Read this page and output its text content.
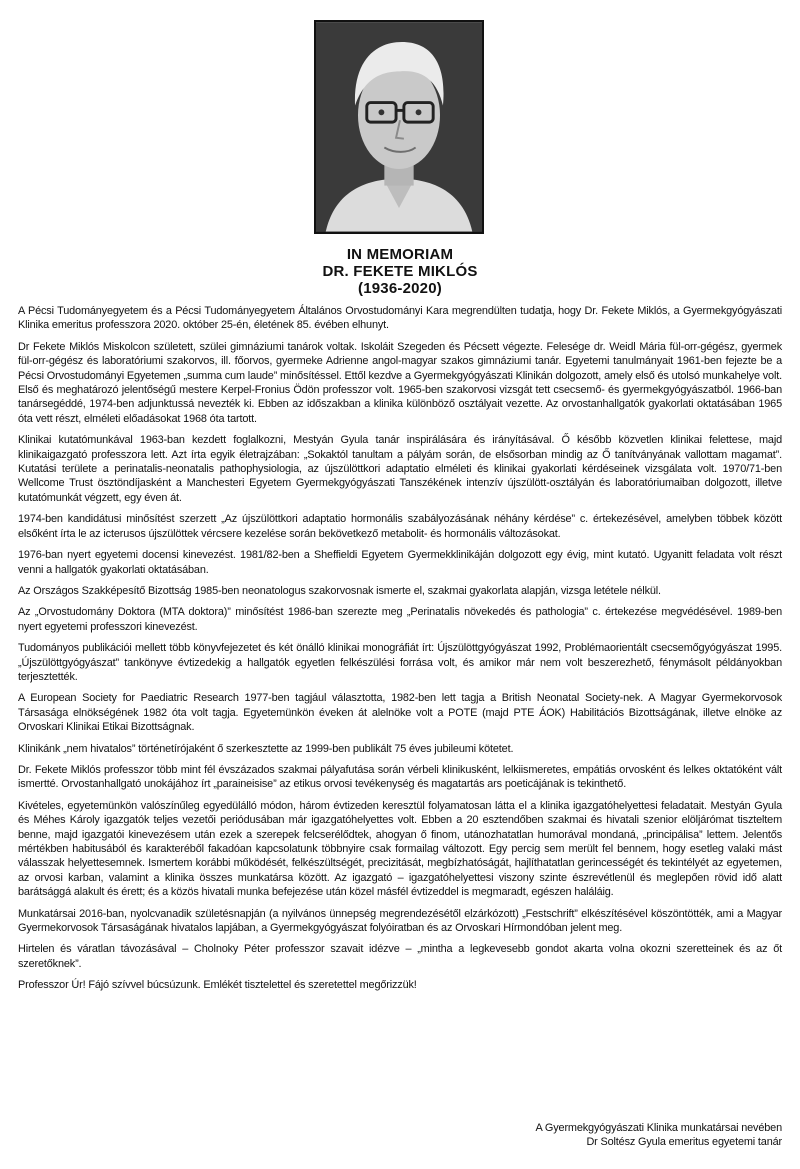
IN MEMORIAM
DR. FEKETE MIKLÓS
(1936-2020)

A Pécsi Tudományegyetem és a Pécsi Tudományegyetem Általános Orvostudományi Kara megrendülten tudatja, hogy Dr. Fekete Miklós, a Gyermekgyógyászati Klinika emeritus professzora 2020. október 25-én, életének 85. évében elhunyt.

Dr Fekete Miklós Miskolcon született, szülei gimnáziumi tanárok voltak. Iskoláit Szegeden és Pécsett végezte. Felesége dr. Weidl Mária fül-orr-gégész, gyermek fül-orr-gégész és laboratóriumi szakorvos, ill. főorvos, gyermeke Adrienne angol-magyar szakos gimnáziumi tanár. Egyetemi tanulmányait 1961-ben fejezte be a Pécsi Orvostudományi Egyetemen „summa cum laude” minősítéssel. Ettől kezdve a Gyermekgyógyászati Klinikán dolgozott, amely első és utolsó munkahelye volt. Első és meghatározó jelentőségű mestere Kerpel-Fronius Ödön professzor volt. 1965-ben szakorvosi vizsgát tett csecsemő- és gyermekgyógyászatból. 1966-ban tanársegéddé, 1974-ben adjunktussá nevezték ki. Ebben az időszakban a klinika különböző osztályait vezette. Az orvostanhallgatók gyakorlati oktatásában 1965 óta vett részt, elméleti előadásokat 1968 óta tartott.

Klinikai kutatómunkával 1963-ban kezdett foglalkozni, Mestyán Gyula tanár inspirálására és irányításával. Ő később közvetlen klinikai felettese, majd klinikaigazgató professzora lett. Azt írta egyik életrajzában: „Sokaktól tanultam a pályám során, de elsősorban mindig az Ő tanítványának vallottam magamat”. Kutatási területe a perinatalis-neonatalis pathophysiologia, az újszülöttkori adaptatio elméleti és klinikai gyakorlati kérdéseinek vizsgálata volt. 1970/71-ben Wellcome Trust ösztöndíjasként a Manchesteri Egyetem Gyermekgyógyászati Tanszékének intenzív újszülött-osztályán és laboratóriumaiban dolgozott, illetve kutatómunkát végzett, egy éven át.

1974-ben kandidátusi minősítést szerzett „Az újszülöttkori adaptatio hormonális szabályozásának néhány kérdése” c. értekezésével, amelyben többek között elsőként írta le az icterusos újszülöttek vércsere kezelése során bekövetkező metabolit- és hormonális változásokat.

1976-ban nyert egyetemi docensi kinevezést. 1981/82-ben a Sheffieldi Egyetem Gyermekklinikáján dolgozott egy évig, mint kutató. Ugyanitt feladata volt részt venni a hallgatók gyakorlati oktatásában.

Az Országos Szakképesítő Bizottság 1985-ben neonatologus szakorvosnak ismerte el, szakmai gyakorlata alapján, vizsga letétele nélkül.

Az „Orvostudomány Doktora (MTA doktora)” minősítést 1986-ban szerezte meg „Perinatalis növekedés és pathologia” c. értekezése megvédésével. 1989-ben nyert egyetemi professzori kinevezést.

Tudományos publikációi mellett több könyvfejezetet és két önálló klinikai monográfiát írt: Újszülöttgyógyászat 1992, Problémaorientált csecsemőgyógyászat 1995. „Újszülöttgyógyászat” tankönyve évtizedekig a hallgatók egyetlen felkészülési forrása volt, és amikor már nem volt beszerezhető, fénymásolt példányokban terjesztették.

A European Society for Paediatric Research 1977-ben tagjául választotta, 1982-ben lett tagja a British Neonatal Society-nek. A Magyar Gyermekorvosok Társasága elnökségének 1982 óta volt tagja. Egyetemünkön éveken át alelnöke volt a POTE (majd PTE ÁOK) Habilitációs Bizottságának, illetve elnöke az Orvoskari Klinikai Etikai Bizottságnak.

Klinikánk „nem hivatalos” történetírójaként ő szerkesztette az 1999-ben publikált 75 éves jubileumi kötetet.

Dr. Fekete Miklós professzor több mint fél évszázados szakmai pályafutása során vérbeli klinikusként, lelkiismeretes, empátiás orvosként és lelkes oktatóként vált ismertté. Orvostanhallgató unokájához írt „paraineisise” az etikus orvosi tevékenység és magatartás ars poeticájának is tekinthető.

Kivételes, egyetemünkön valószínűleg egyedülálló módon, három évtizeden keresztül folyamatosan látta el a klinika igazgatóhelyettesi feladatait. Mestyán Gyula és Méhes Károly igazgatók teljes vezetői periódusában már igazgatóhelyettes volt. Ebben a 20 esztendőben szakmai és hivatali szenior elöljárómat tiszteltem benne, majd igazgatói kinevezésem után ezek a szerepek felcserélődtek, ahogyan ő finom, utánozhatatlan humorával mondaná, „principálisa” lettem. Jelentős mértékben habitusából és karakteréből fakadóan kapcsolatunk többnyire csak formailag változott. Egy percig sem merült fel bennem, hogy esetleg valaki mást válasszak helyettesemnek. Ismertem korábbi működését, felkészültségét, precizitását, megbízhatóságát, hajlíthatatlan gerincességét és tekintélyét az egyetemen, az orvosi karban, valamint a klinika összes munkatársa között. Az igazgató – igazgatóhelyettesi viszony szinte észrevétlenül és meglepően rövid idő alatt barátsággá alakult és érett; és a közös hivatali munka befejezése után közel másfél évtizeddel is megmaradt, egészen haláláig.

Munkatársai 2016-ban, nyolcvanadik születésnapján (a nyilvános ünnepség megrendezésétől elzárkózott) „Festschrift” elkészítésével köszöntötték, ami a Magyar Gyermekorvosok Társaságának hivatalos lapjában, a Gyermekgyógyászat folyóiratban és az Orvoskari Hírmondóban jelent meg.

Hirtelen és váratlan távozásával – Cholnoky Péter professzor szavait idézve – „mintha a legkevesebb gondot akarta volna okozni szeretteinek és az őt szeretőknek”.

Professzor Úr! Fájó szívvel búcsúzunk. Emlékét tisztelettel és szeretettel megőrizzük!

A Gyermekgyógyászati Klinika munkatársai nevében
Dr Soltész Gyula emeritus egyetemi tanár
